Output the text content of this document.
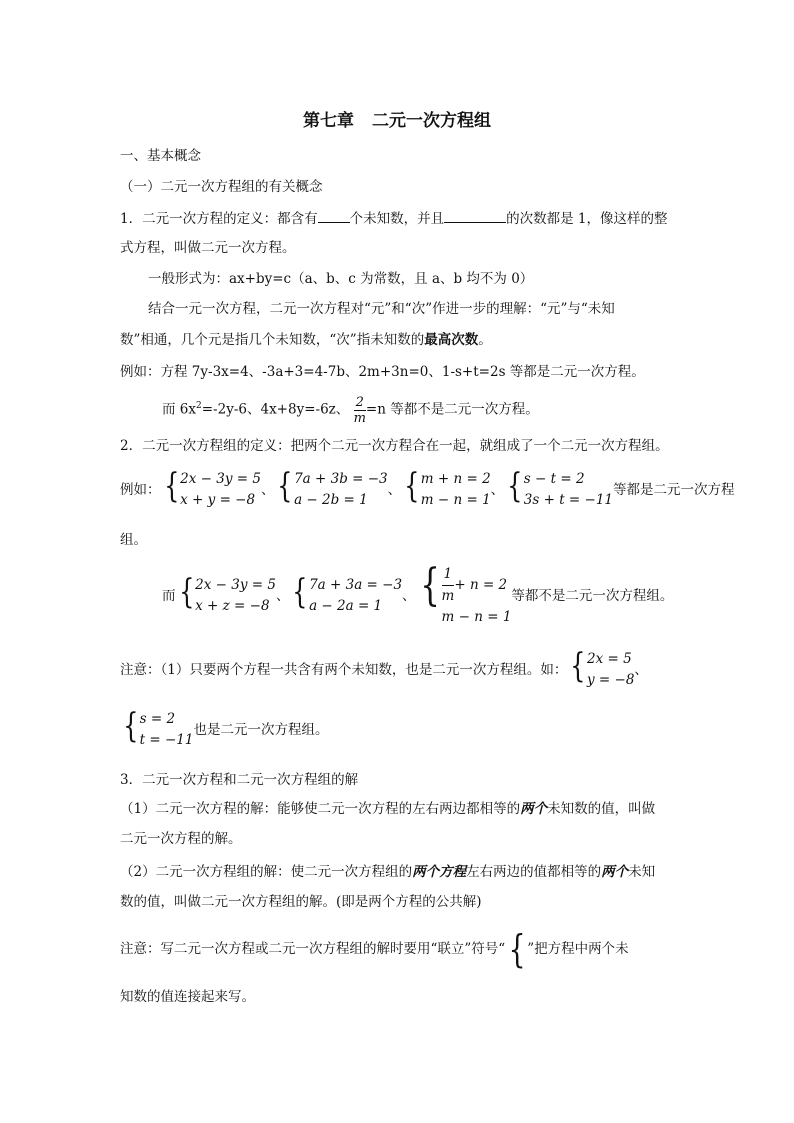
第七章 二元一次方程组
一、基本概念
（一）二元一次方程组的有关概念
1．二元一次方程的定义：都含有 个未知数，并且	的次数都是 1，像这样的整
式方程，叫做二元一次方程。
一般形式为：ax+by=c（a、b、c 为常数，且 a、b 均不为 0）
结合一元一次方程，二元一次方程对“元”和“次”作进一步的理解：“元”与“未知
数”相通，几个元是指几个未知数，“次”指未知数的最高次数。
例如：方程 7y-3x=4、-3a+3=4-7b、2m+3n=0、1-s+t=2s 等都是二元一次方程。
而 $6x^2=-2y-6$、4x+8y=-6z、 $\frac{2}{m} =n$ 等都不是二元一次方程。
2．二元一次方程组的定义：把两个二元一次方程合在一起，就组成了一个二元一次方程组。
例如： { 2x − 3y = 5
x + y = −8
、 { 7a + 3b = −3
a − 2b = 1
、 { m + n = 2
m − n = 1
、 { s − t = 2
3s + t = −11
等都是二元一次方程
组。
而 { 2x − 3y = 5
x + z = −8
、 { 7a + 3a = −3
a − 2a = 1
、 { $\frac{1}{m} + n = 2$
m − n = 1
等都不是二元一次方程组。
注意：（1）只要两个方程一共含有两个未知数，也是二元一次方程组。如： { 2x = 5
y = −8
、
{ s = 2
t = −11
也是二元一次方程组。
3．二元一次方程和二元一次方程组的解
（1）二元一次方程的解：能够使二元一次方程的左右两边都相等的两个未知数的值，叫做
二元一次方程的解。
（2）二元一次方程组的解：使二元一次方程组的两个方程左右两边的值都相等的两个未知
数的值，叫做二元一次方程组的解。(即是两个方程的公共解)
注意：写二元一次方程或二元一次方程组的解时要用“联立”符号“ { ”把方程中两个未
知数的值连接起来写。
